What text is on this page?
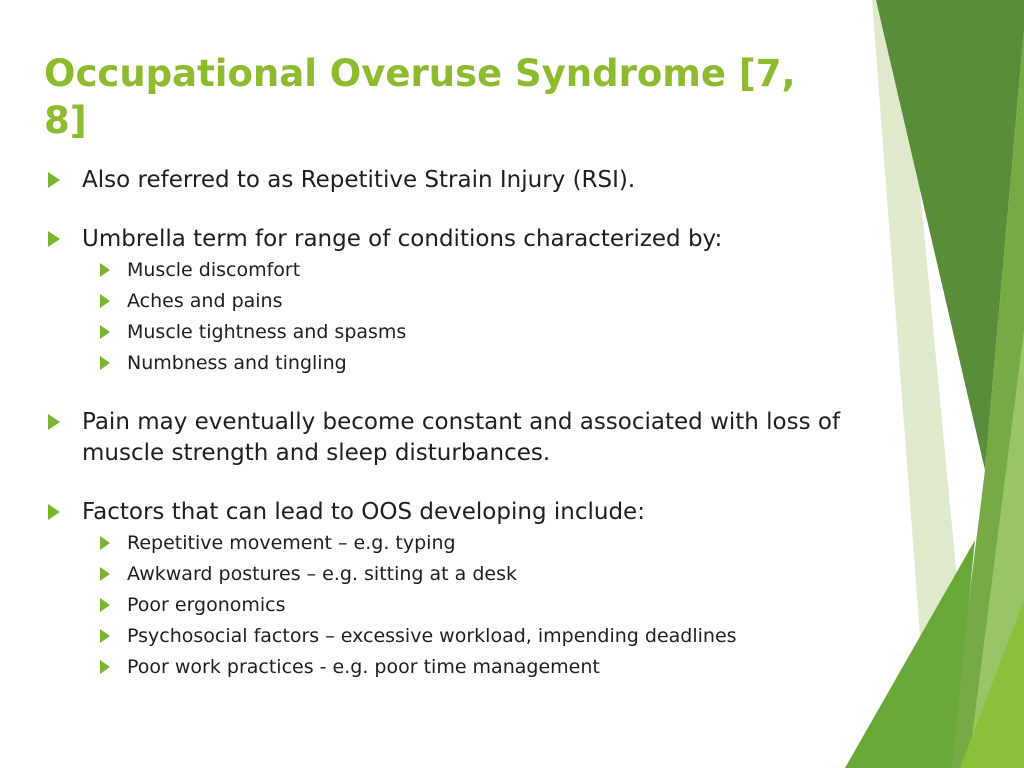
Occupational Overuse Syndrome [7, 8]
Also referred to as Repetitive Strain Injury (RSI).
Umbrella term for range of conditions characterized by:
Muscle discomfort
Aches and pains
Muscle tightness and spasms
Numbness and tingling
Pain may eventually become constant and associated with loss of muscle strength and sleep disturbances.
Factors that can lead to OOS developing include:
Repetitive movement – e.g. typing
Awkward postures – e.g. sitting at a desk
Poor ergonomics
Psychosocial factors – excessive workload, impending deadlines
Poor work practices - e.g. poor time management
